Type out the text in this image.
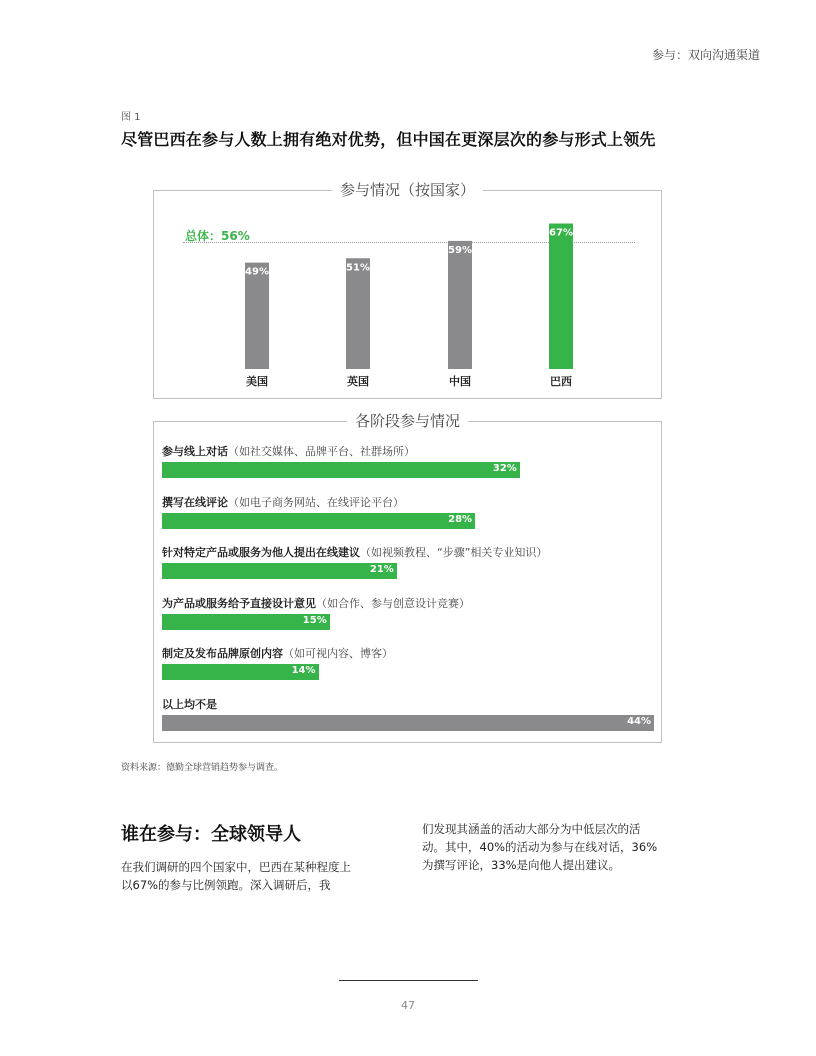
参与：双向沟通渠道
图 1
尽管巴西在参与人数上拥有绝对优势，但中国在更深层次的参与形式上领先
参与情况（按国家）
总体：56%
49%
美国
51%
英国
59%
中国
67%
巴西
各阶段参与情况
参与线上对话（如社交媒体、品牌平台、社群场所）
32%
撰写在线评论（如电子商务网站、在线评论平台）
28%
针对特定产品或服务为他人提出在线建议（如视频教程、“步骤”相关专业知识）
21%
为产品或服务给予直接设计意见（如合作、参与创意设计竞赛）
15%
制定及发布品牌原创内容（如可视内容、博客）
14%
以上均不是
44%
资料来源：德勤全球营销趋势参与调查。
谁在参与：全球领导人
在我们调研的四个国家中，巴西在某种程度上以67%的参与比例领跑。深入调研后，我
们发现其涵盖的活动大部分为中低层次的活动。其中，40%的活动为参与在线对话，36%为撰写评论，33%是向他人提出建议。
47
